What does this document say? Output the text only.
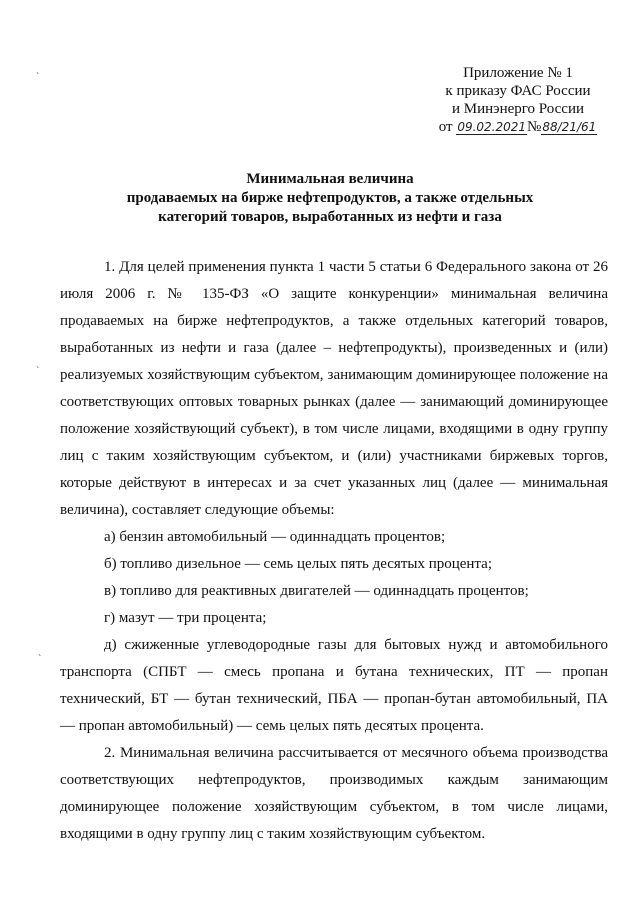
ˋ
ˋ
ˋ
Приложение № 1
к приказу ФАС России
и Минэнерго России
от 09.02.2021№88/21/61
Минимальная величина
продаваемых на бирже нефтепродуктов, а также отдельных
категорий товаров, выработанных из нефти и газа

1. Для целей применения пункта 1 части 5 статьи 6 Федерального закона от 26 июля 2006 г. № 135-ФЗ «О защите конкуренции» минимальная величина продаваемых на бирже нефтепродуктов, а также отдельных категорий товаров, выработанных из нефти и газа (далее – нефтепродукты), произведенных и (или) реализуемых хозяйствующим субъектом, занимающим доминирующее положение на соответствующих оптовых товарных рынках (далее — занимающий доминирующее положение хозяйствующий субъект), в том числе лицами, входящими в одну группу лиц с таким хозяйствующим субъектом, и (или) участниками биржевых торгов, которые действуют в интересах и за счет указанных лиц (далее — минимальная величина), составляет следующие объемы:

а) бензин автомобильный — одиннадцать процентов;

б) топливо дизельное — семь целых пять десятых процента;

в) топливо для реактивных двигателей — одиннадцать процентов;

г) мазут — три процента;

д) сжиженные углеводородные газы для бытовых нужд и автомобильного транспорта (СПБТ — смесь пропана и бутана технических, ПТ — пропан технический, БТ — бутан технический, ПБА — пропан-бутан автомобильный, ПА — пропан автомобильный) — семь целых пять десятых процента.

2. Минимальная величина рассчитывается от месячного объема производства соответствующих нефтепродуктов, производимых каждым занимающим доминирующее положение хозяйствующим субъектом, в том числе лицами, входящими в одну группу лиц с таким хозяйствующим субъектом.
